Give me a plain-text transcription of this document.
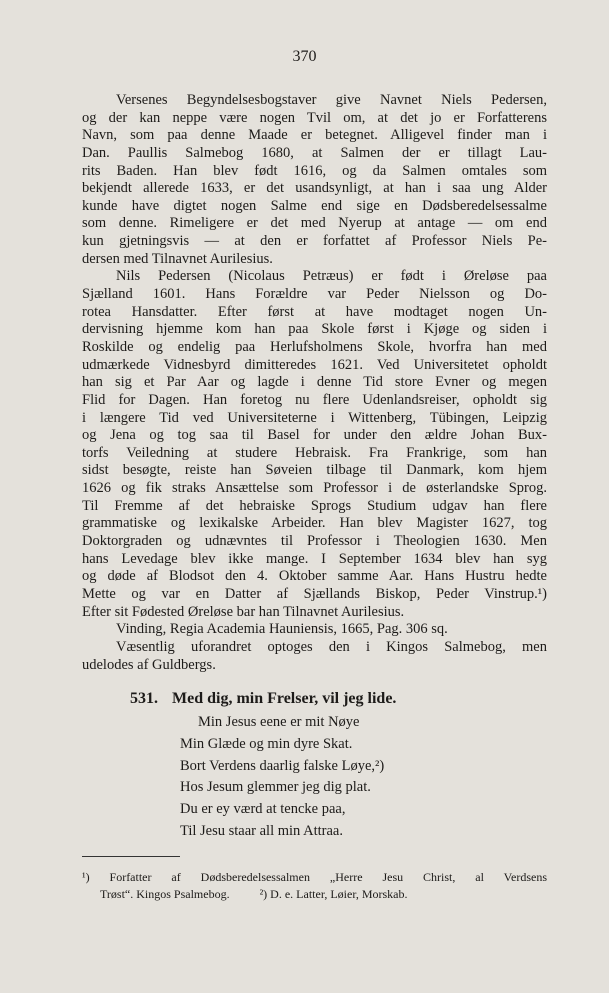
370
Versenes Begyndelsesbogstaver give Navnet Niels Pedersen,
og der kan neppe være nogen Tvil om, at det jo er Forfatterens
Navn, som paa denne Maade er betegnet. Alligevel finder man i
Dan. Paullis Salmebog 1680, at Salmen der er tillagt Lau-
rits Baden. Han blev født 1616, og da Salmen omtales som
bekjendt allerede 1633, er det usandsynligt, at han i saa ung Alder
kunde have digtet nogen Salme end sige en Dødsberedelsessalme
som denne. Rimeligere er det med Nyerup at antage — om end
kun gjetningsvis — at den er forfattet af Professor Niels Pe-
dersen med Tilnavnet Aurilesius.
Nils Pedersen (Nicolaus Petræus) er født i Øreløse paa
Sjælland 1601. Hans Forældre var Peder Nielsson og Do-
rotea Hansdatter. Efter først at have modtaget nogen Un-
dervisning hjemme kom han paa Skole først i Kjøge og siden i
Roskilde og endelig paa Herlufsholmens Skole, hvorfra han med
udmærkede Vidnesbyrd dimitteredes 1621. Ved Universitetet opholdt
han sig et Par Aar og lagde i denne Tid store Evner og megen
Flid for Dagen. Han foretog nu flere Udenlandsreiser, opholdt sig
i længere Tid ved Universiteterne i Wittenberg, Tübingen, Leipzig
og Jena og tog saa til Basel for under den ældre Johan Bux-
torfs Veiledning at studere Hebraisk. Fra Frankrige, som han
sidst besøgte, reiste han Søveien tilbage til Danmark, kom hjem
1626 og fik straks Ansættelse som Professor i de østerlandske Sprog.
Til Fremme af det hebraiske Sprogs Studium udgav han flere
grammatiske og lexikalske Arbeider. Han blev Magister 1627, tog
Doktorgraden og udnævntes til Professor i Theologien 1630. Men
hans Levedage blev ikke mange. I September 1634 blev han syg
og døde af Blodsot den 4. Oktober samme Aar. Hans Hustru hedte
Mette og var en Datter af Sjællands Biskop, Peder Vinstrup.¹)
Efter sit Fødested Øreløse bar han Tilnavnet Aurilesius.
Vinding, Regia Academia Hauniensis, 1665, Pag. 306 sq.
Væsentlig uforandret optoges den i Kingos Salmebog, men
udelodes af Guldbergs.
531. Med dig, min Frelser, vil jeg lide.
Min Jesus eene er mit Nøye
Min Glæde og min dyre Skat.
Bort Verdens daarlig falske Løye,²)
Hos Jesum glemmer jeg dig plat.
Du er ey værd at tencke paa,
Til Jesu staar all min Attraa.
¹) Forfatter af Dødsberedelsessalmen „Herre Jesu Christ, al Verdsens
Trøst“. Kingos Psalmebog.	²) D. e. Latter, Løier, Morskab.
